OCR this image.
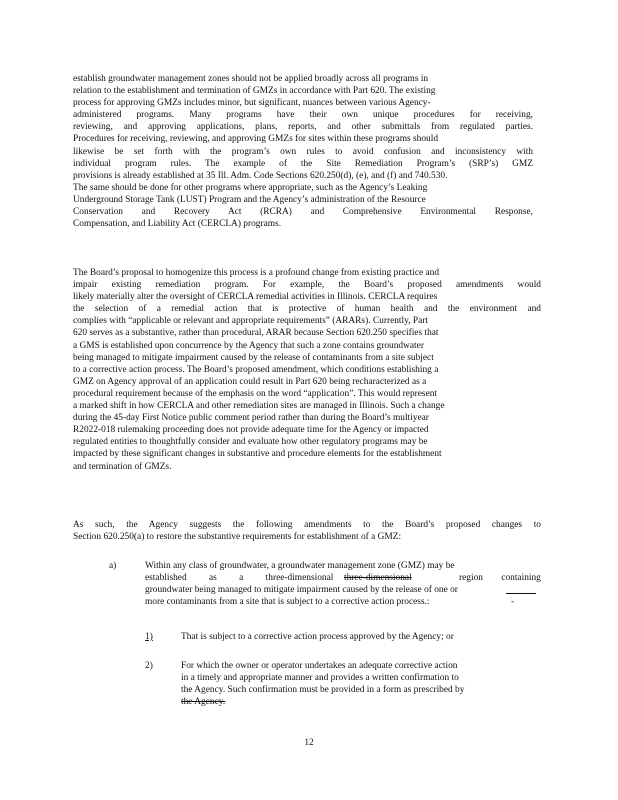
establish groundwater management zones should not be applied broadly across all programs in
relation to the establishment and termination of GMZs in accordance with Part 620. The existing
process for approving GMZs includes minor, but significant, nuances between various Agency-
administered programs. Many programs have their own unique procedures for receiving,
reviewing, and approving applications, plans, reports, and other submittals from regulated parties.
Procedures for receiving, reviewing, and approving GMZs for sites within these programs should
likewise be set forth with the program’s own rules to avoid confusion and inconsistency with
individual program rules. The example of the Site Remediation Program’s (SRP’s) GMZ
provisions is already established at 35 Ill. Adm. Code Sections 620.250(d), (e), and (f) and 740.530.
The same should be done for other programs where appropriate, such as the Agency’s Leaking
Underground Storage Tank (LUST) Program and the Agency’s administration of the Resource
Conservation and Recovery Act (RCRA) and Comprehensive Environmental Response,
Compensation, and Liability Act (CERCLA) programs.
The Board’s proposal to homogenize this process is a profound change from existing practice and
impair existing remediation program. For example, the Board’s proposed amendments would
likely materially alter the oversight of CERCLA remedial activities in Illinois. CERCLA requires
the selection of a remedial action that is protective of human health and the environment and
complies with “applicable or relevant and appropriate requirements” (ARARs). Currently, Part
620 serves as a substantive, rather than procedural, ARAR because Section 620.250 specifies that
a GMS is established upon concurrence by the Agency that such a zone contains groundwater
being managed to mitigate impairment caused by the release of contaminants from a site subject
to a corrective action process. The Board’s proposed amendment, which conditions establishing a
GMZ on Agency approval of an application could result in Part 620 being recharacterized as a
procedural requirement because of the emphasis on the word “application”. This would represent
a marked shift in how CERCLA and other remediation sites are managed in Illinois. Such a change
during the 45-day First Notice public comment period rather than during the Board’s multiyear
R2022-018 rulemaking proceeding does not provide adequate time for the Agency or impacted
regulated entities to thoughtfully consider and evaluate how other regulatory programs may be
impacted by these significant changes in substantive and procedure elements for the establishment
and termination of GMZs.
As such, the Agency suggests the following amendments to the Board’s proposed changes to
Section 620.250(a) to restore the substantive requirements for establishment of a GMZ:
a)	Within any class of groundwater, a groundwater management zone (GMZ) may be
established as a three-dimensional three-dimensional	region containing
groundwater being managed to mitigate impairment caused by the release of one or
more contaminants from a site that is subject to a corrective action process.:	-
1)	That is subject to a corrective action process approved by the Agency; or
2)	For which the owner or operator undertakes an adequate corrective action
in a timely and appropriate manner and provides a written confirmation to
the Agency. Such confirmation must be provided in a form as prescribed by
the Agency.
12
